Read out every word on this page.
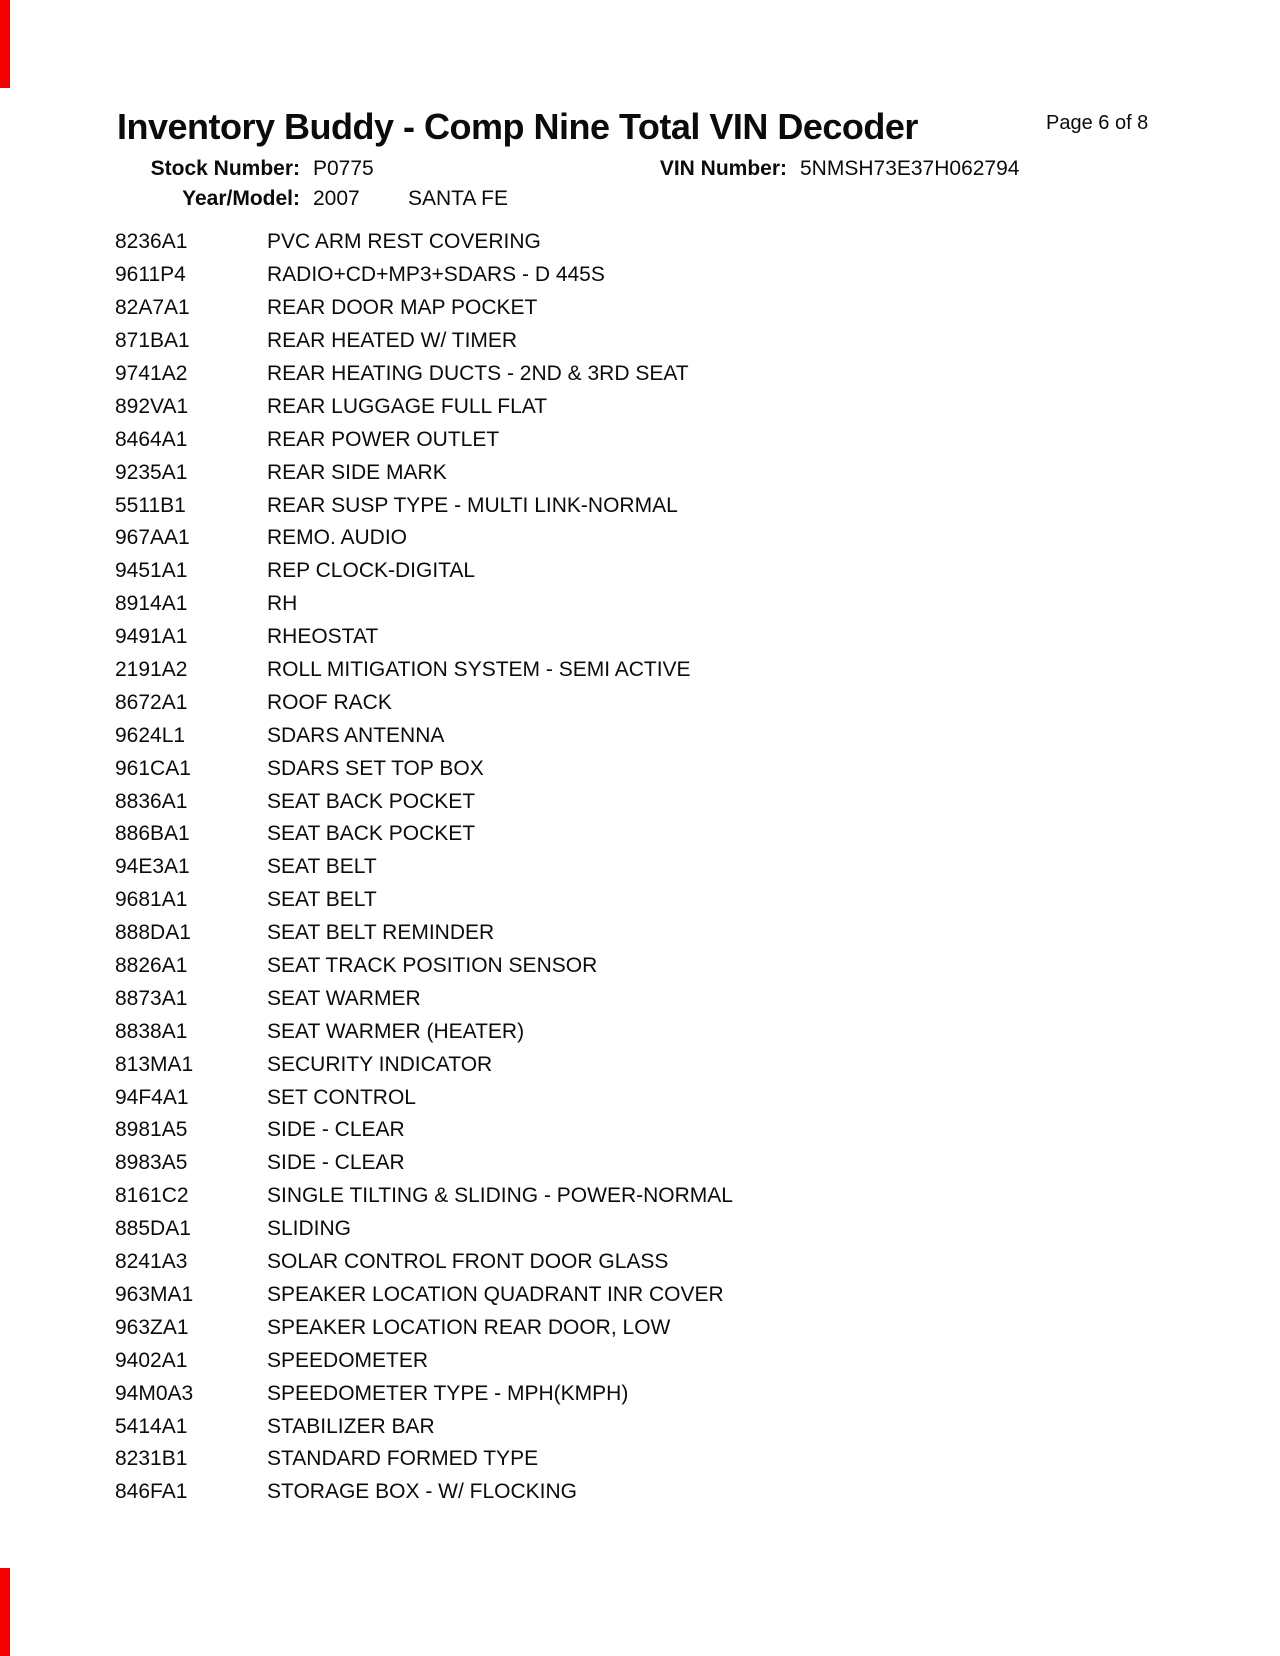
Inventory Buddy - Comp Nine Total VIN Decoder	Page 6 of 8
Stock Number: P0775	VIN Number: 5NMSH73E37H062794
Year/Model: 2007 SANTA FE
8236A1	PVC ARM REST COVERING
9611P4	RADIO+CD+MP3+SDARS - D 445S
82A7A1	REAR DOOR MAP POCKET
871BA1	REAR HEATED W/ TIMER
9741A2	REAR HEATING DUCTS - 2ND & 3RD SEAT
892VA1	REAR LUGGAGE FULL FLAT
8464A1	REAR POWER OUTLET
9235A1	REAR SIDE MARK
5511B1	REAR SUSP TYPE - MULTI LINK-NORMAL
967AA1	REMO. AUDIO
9451A1	REP CLOCK-DIGITAL
8914A1	RH
9491A1	RHEOSTAT
2191A2	ROLL MITIGATION SYSTEM - SEMI ACTIVE
8672A1	ROOF RACK
9624L1	SDARS ANTENNA
961CA1	SDARS SET TOP BOX
8836A1	SEAT BACK POCKET
886BA1	SEAT BACK POCKET
94E3A1	SEAT BELT
9681A1	SEAT BELT
888DA1	SEAT BELT REMINDER
8826A1	SEAT TRACK POSITION SENSOR
8873A1	SEAT WARMER
8838A1	SEAT WARMER (HEATER)
813MA1	SECURITY INDICATOR
94F4A1	SET CONTROL
8981A5	SIDE - CLEAR
8983A5	SIDE - CLEAR
8161C2	SINGLE TILTING & SLIDING - POWER-NORMAL
885DA1	SLIDING
8241A3	SOLAR CONTROL FRONT DOOR GLASS
963MA1	SPEAKER LOCATION QUADRANT INR COVER
963ZA1	SPEAKER LOCATION REAR DOOR, LOW
9402A1	SPEEDOMETER
94M0A3	SPEEDOMETER TYPE - MPH(KMPH)
5414A1	STABILIZER BAR
8231B1	STANDARD FORMED TYPE
846FA1	STORAGE BOX - W/ FLOCKING
